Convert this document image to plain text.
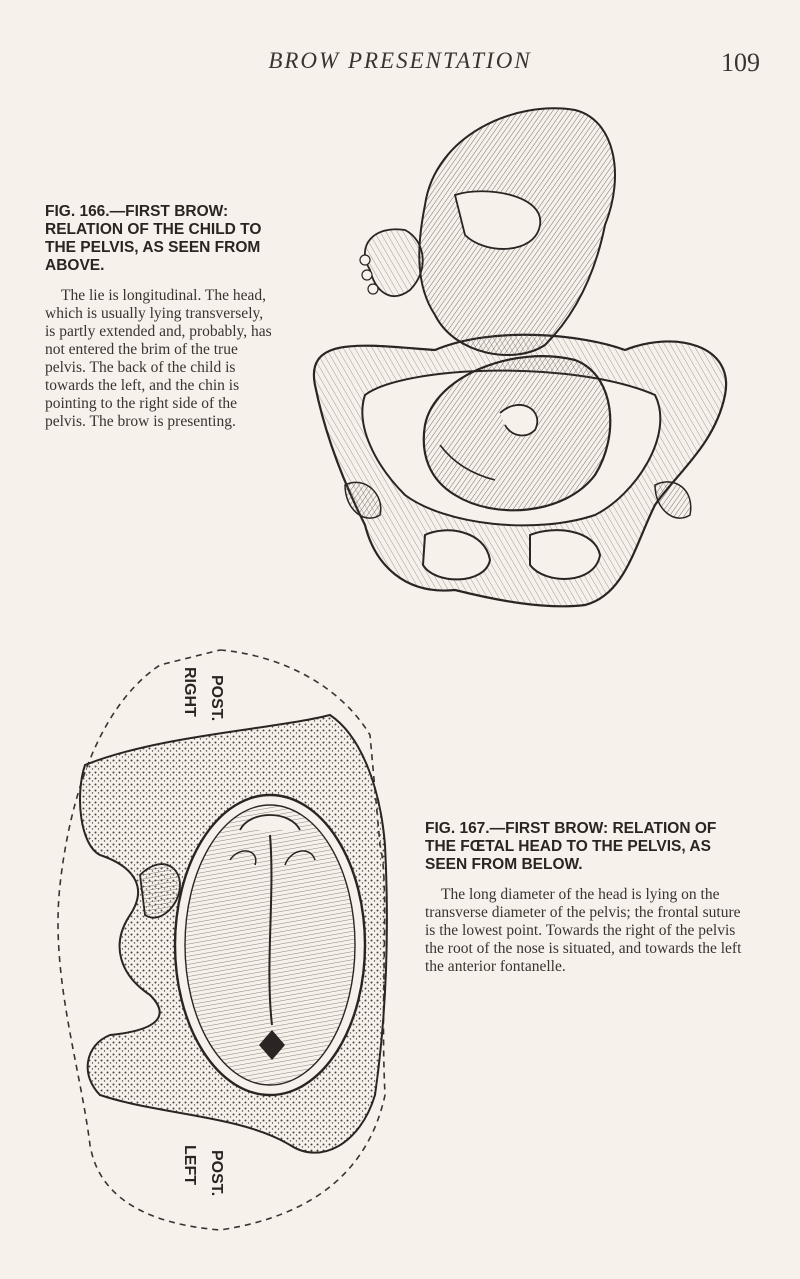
BROW PRESENTATION	109

FIG. 166.—FIRST BROW: RELATION OF THE CHILD TO THE PELVIS, AS SEEN FROM ABOVE.

The lie is longitudinal. The head, which is usually lying transversely, is partly extended and, probably, has not entered the brim of the true pelvis. The back of the child is towards the left, and the chin is pointing to the right side of the pelvis. The brow is presenting.

RIGHT POST.
LEFT POST.

FIG. 167.—FIRST BROW: RELATION OF THE FŒTAL HEAD TO THE PELVIS, AS SEEN FROM BELOW.

The long diameter of the head is lying on the transverse diameter of the pelvis; the frontal suture is the lowest point. Towards the right of the pelvis the root of the nose is situated, and towards the left the anterior fontanelle.
